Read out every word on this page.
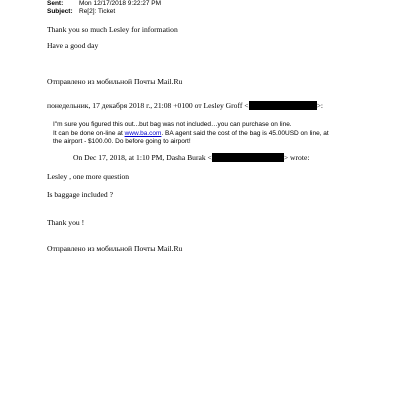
Sent: Mon 12/17/2018 9:22:27 PM
Subject: Re[2]: Ticket
Thank you so much Lesley for information
Have a good day
Отправлено из мобильной Почты Mail.Ru
понедельник, 17 декабря 2018 г., 21:08 +0100 от Lesley Groff <	>:
I"m sure you figured this out...but bag was not included…you can purchase on line.
It can be done on-line at www.ba.com. BA agent said the cost of the bag is 45.00USD on line, at
the airport - $100.00. Do before going to airport!
On Dec 17, 2018, at 1:10 PM, Dasha Burak <	> wrote:
Lesley , one more question
Is baggage included ?
Thank you !
Отправлено из мобильной Почты Mail.Ru
